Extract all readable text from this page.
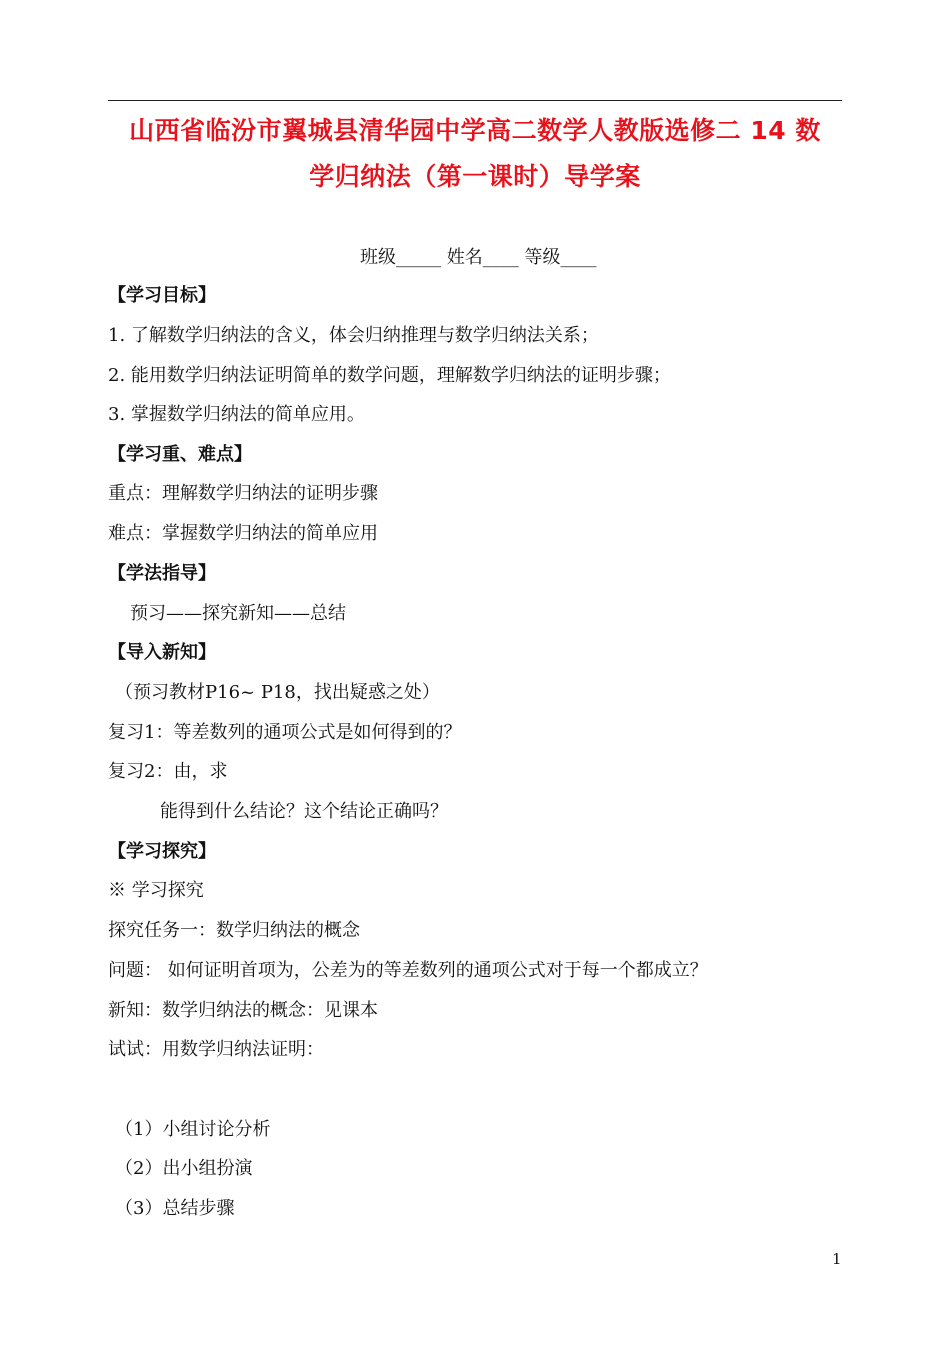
山西省临汾市翼城县清华园中学高二数学人教版选修二 14 数
学归纳法（第一课时）导学案
班级_____ 姓名____ 等级____
【学习目标】
1. 了解数学归纳法的含义，体会归纳推理与数学归纳法关系；
2. 能用数学归纳法证明简单的数学问题，理解数学归纳法的证明步骤；
3. 掌握数学归纳法的简单应用。
【学习重、难点】
重点：理解数学归纳法的证明步骤
难点：掌握数学归纳法的简单应用
【学法指导】
预习——探究新知——总结
【导入新知】
（预习教材P16~ P18，找出疑惑之处）
复习1：等差数列的通项公式是如何得到的？
复习2：由，求
能得到什么结论？这个结论正确吗？
【学习探究】
※ 学习探究
探究任务一：数学归纳法的概念
问题： 如何证明首项为，公差为的等差数列的通项公式对于每一个都成立？
新知：数学归纳法的概念：见课本
试试：用数学归纳法证明：
（1）小组讨论分析
（2）出小组扮演
（3）总结步骤
1
